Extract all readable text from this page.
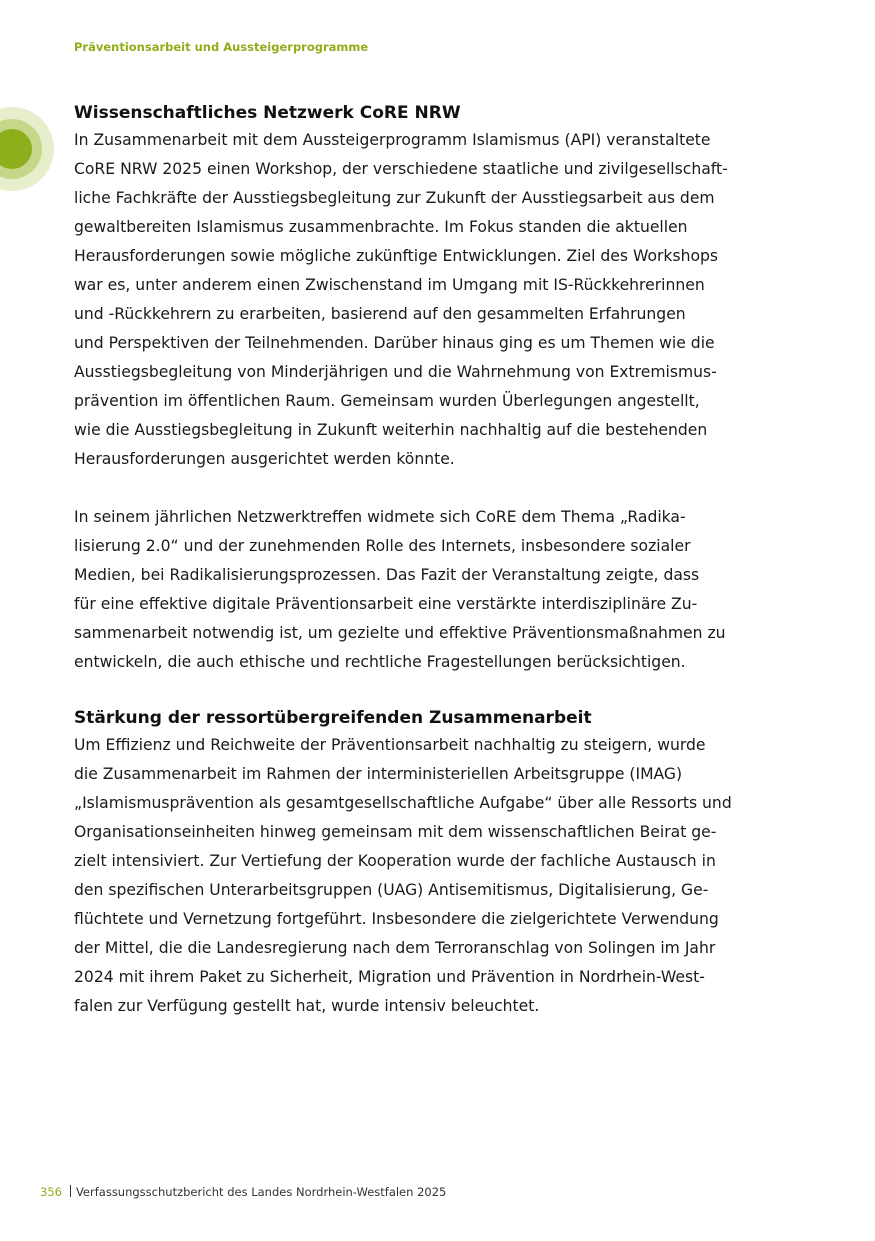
Präventionsarbeit und Aussteigerprogramme
Wissenschaftliches Netzwerk CoRE NRW

In Zusammenarbeit mit dem Aussteigerprogramm Islamismus (API) veranstaltete
CoRE NRW 2025 einen Workshop, der verschiedene staatliche und zivilgesellschaft-
liche Fachkräfte der Ausstiegsbegleitung zur Zukunft der Ausstiegsarbeit aus dem
gewaltbereiten Islamismus zusammenbrachte. Im Fokus standen die aktuellen
Herausforderungen sowie mögliche zukünftige Entwicklungen. Ziel des Workshops
war es, unter anderem einen Zwischenstand im Umgang mit IS-Rückkehrerinnen
und -Rückkehrern zu erarbeiten, basierend auf den gesammelten Erfahrungen
und Perspektiven der Teilnehmenden. Darüber hinaus ging es um Themen wie die
Ausstiegsbegleitung von Minderjährigen und die Wahrnehmung von Extremismus-
prävention im öffentlichen Raum. Gemeinsam wurden Überlegungen angestellt,
wie die Ausstiegsbegleitung in Zukunft weiterhin nachhaltig auf die bestehenden
Herausforderungen ausgerichtet werden könnte.

In seinem jährlichen Netzwerktreffen widmete sich CoRE dem Thema „Radika-
lisierung 2.0“ und der zunehmenden Rolle des Internets, insbesondere sozialer
Medien, bei Radikalisierungsprozessen. Das Fazit der Veranstaltung zeigte, dass
für eine effektive digitale Präventionsarbeit eine verstärkte interdisziplinäre Zu-
sammenarbeit notwendig ist, um gezielte und effektive Präventionsmaßnahmen zu
entwickeln, die auch ethische und rechtliche Fragestellungen berücksichtigen.

Stärkung der ressortübergreifenden Zusammenarbeit

Um Effizienz und Reichweite der Präventionsarbeit nachhaltig zu steigern, wurde
die Zusammenarbeit im Rahmen der interministeriellen Arbeitsgruppe (IMAG)
„Islamismusprävention als gesamtgesellschaftliche Aufgabe“ über alle Ressorts und
Organisationseinheiten hinweg gemeinsam mit dem wissenschaftlichen Beirat ge-
zielt intensiviert. Zur Vertiefung der Kooperation wurde der fachliche Austausch in
den spezifischen Unterarbeitsgruppen (UAG) Antisemitismus, Digitalisierung, Ge-
flüchtete und Vernetzung fortgeführt. Insbesondere die zielgerichtete Verwendung
der Mittel, die die Landesregierung nach dem Terroranschlag von Solingen im Jahr
2024 mit ihrem Paket zu Sicherheit, Migration und Prävention in Nordrhein-West-
falen zur Verfügung gestellt hat, wurde intensiv beleuchtet.

356 Verfassungsschutzbericht des Landes Nordrhein-Westfalen 2025
